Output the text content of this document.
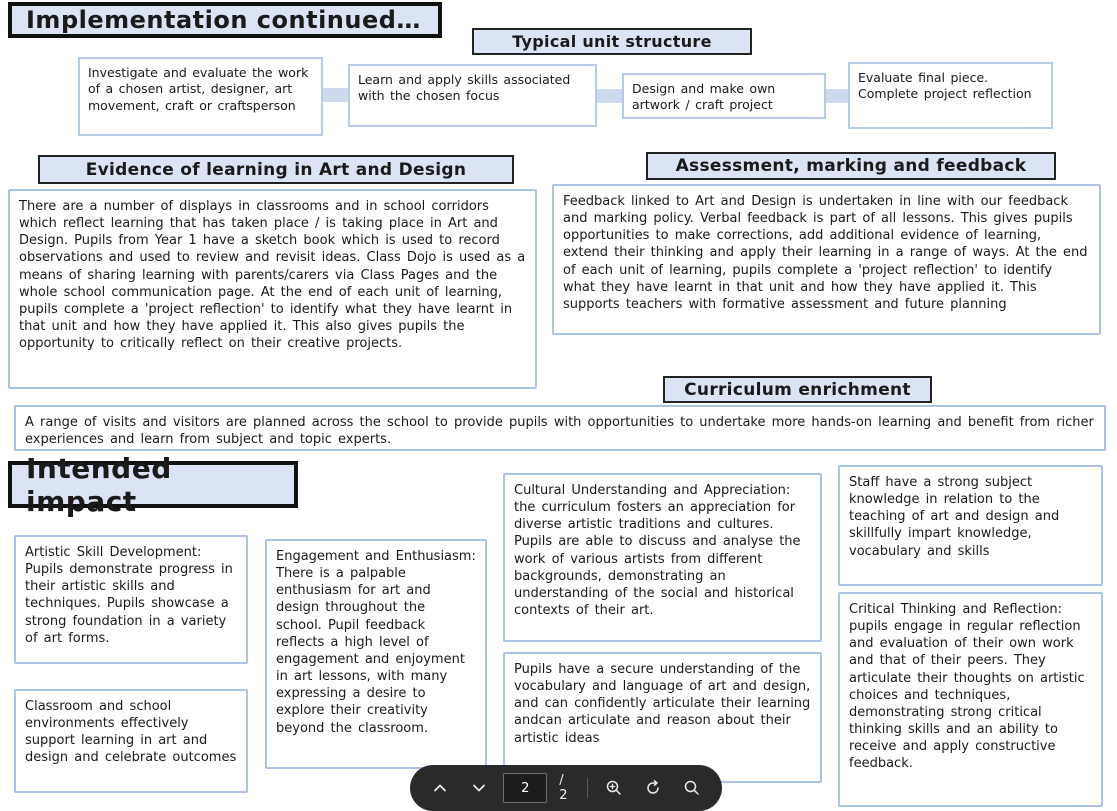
Implementation continued…
Typical unit structure
Investigate and evaluate the work of a chosen artist, designer, art movement, craft or craftsperson
Learn and apply skills associated with the chosen focus	Design and make own artwork / craft project
Evaluate final piece. Complete project reflection
Evidence of learning in Art and Design
There are a number of displays in classrooms and in school corridors which reflect learning that has taken place / is taking place in Art and Design. Pupils from Year 1 have a sketch book which is used to record observations and used to review and revisit ideas. Class Dojo is used as a means of sharing learning with parents/carers via Class Pages and the whole school communication page. At the end of each unit of learning, pupils complete a 'project reflection' to identify what they have learnt in that unit and how they have applied it. This also gives pupils the opportunity to critically reflect on their creative projects.
Assessment, marking and feedback
Feedback linked to Art and Design is undertaken in line with our feedback and marking policy. Verbal feedback is part of all lessons. This gives pupils opportunities to make corrections, add additional evidence of learning, extend their thinking and apply their learning in a range of ways. At the end of each unit of learning, pupils complete a 'project reflection' to identify what they have learnt in that unit and how they have applied it. This supports teachers with formative assessment and future planning
Curriculum enrichment
A range of visits and visitors are planned across the school to provide pupils with opportunities to undertake more hands-on learning and benefit from richer experiences and learn from subject and topic experts.
Intended impact
Artistic Skill Development: Pupils demonstrate progress in their artistic skills and techniques. Pupils showcase a strong foundation in a variety of art forms.
Classroom and school environments effectively support learning in art and design and celebrate outcomes
Engagement and Enthusiasm: There is a palpable enthusiasm for art and design throughout the school. Pupil feedback reflects a high level of engagement and enjoyment in art lessons, with many expressing a desire to explore their creativity beyond the classroom.
Cultural Understanding and Appreciation: the curriculum fosters an appreciation for diverse artistic traditions and cultures. Pupils are able to discuss and analyse the work of various artists from different backgrounds, demonstrating an understanding of the social and historical contexts of their art.
Pupils have a secure understanding of the vocabulary and language of art and design, and can confidently articulate their learning andcan articulate and reason about their artistic ideas
Staff have a strong subject knowledge in relation to the teaching of art and design and skillfully impart knowledge, vocabulary and skills
Critical Thinking and Reflection: pupils engage in regular reflection and evaluation of their own work and that of their peers. They articulate their thoughts on artistic choices and techniques, demonstrating strong critical thinking skills and an ability to receive and apply constructive feedback.
2
/ 2
